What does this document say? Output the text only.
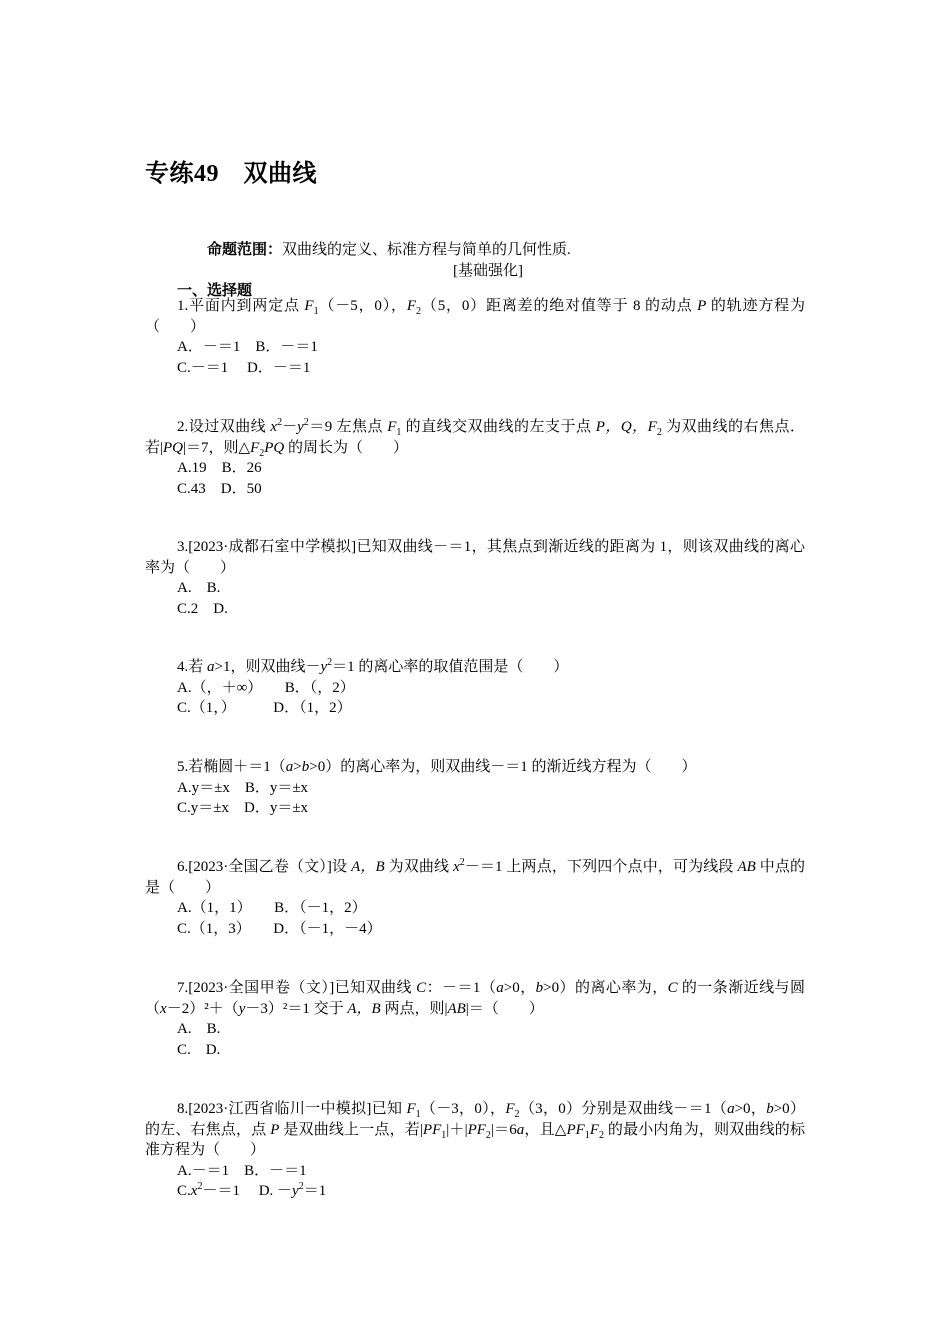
专练49　双曲线
命题范围：双曲线的定义、标准方程与简单的几何性质.
[基础强化]
一、选择题
1.平面内到两定点 $F_1(-5$，0），$F_2(5$，0）距离差的绝对值等于 8 的动点 P 的轨迹方程为（　　）
A．－＝1　B．－＝1
C.－＝1　 D．－＝1
2.设过双曲线 $x^2-y^2=9$ 左焦点 $F_1$ 的直线交双曲线的左支于点 P，Q，$F_2$ 为双曲线的右焦点．若|PQ|＝7，则$\triangle F_2PQ$ 的周长为（　　）
A.19　B．26
C.43　D．50
3.[2023·成都石室中学模拟]已知双曲线－＝1，其焦点到渐近线的距离为 1，则该双曲线的离心率为（　　）
A.　B.
C.2　D.
4.若 a>1，则双曲线$-y^2=1$ 的离心率的取值范围是（　　）
A.（，＋∞）　　B．（，2）
C.（1，）　　　D．（1，2）
5.若椭圆＋＝1（a>b>0）的离心率为，则双曲线－＝1 的渐近线方程为（　　）
A.y＝±x　B．y＝±x
C.y＝±x　D．y＝±x
6.[2023·全国乙卷（文）]设 A，B 为双曲线 $x^2-=1$ 上两点，下列四个点中，可为线段 AB 中点的是（　　）
A.（1，1）　　B．（－1，2）
C.（1，3）　　D．（－1，－4）
7.[2023·全国甲卷（文）]已知双曲线 C：－＝1（a>0，b>0）的离心率为，C 的一条渐近线与圆（x－2）²＋（y－3）²＝1 交于 A，B 两点，则|AB|＝（　　）
A.　B.
C.　D.
8.[2023·江西省临川一中模拟]已知 $F_1(-3$，0），$F_2(3$，0）分别是双曲线－＝1（a>0，b>0）的左、右焦点，点 P 是双曲线上一点，若$|PF_1|+|PF_2|=6a$，且$\triangle PF_1F_2$ 的最小内角为，则双曲线的标准方程为（　　）
A.－＝1　B．－＝1
$C.x^2-=1$　 D. $-y^2=1$
